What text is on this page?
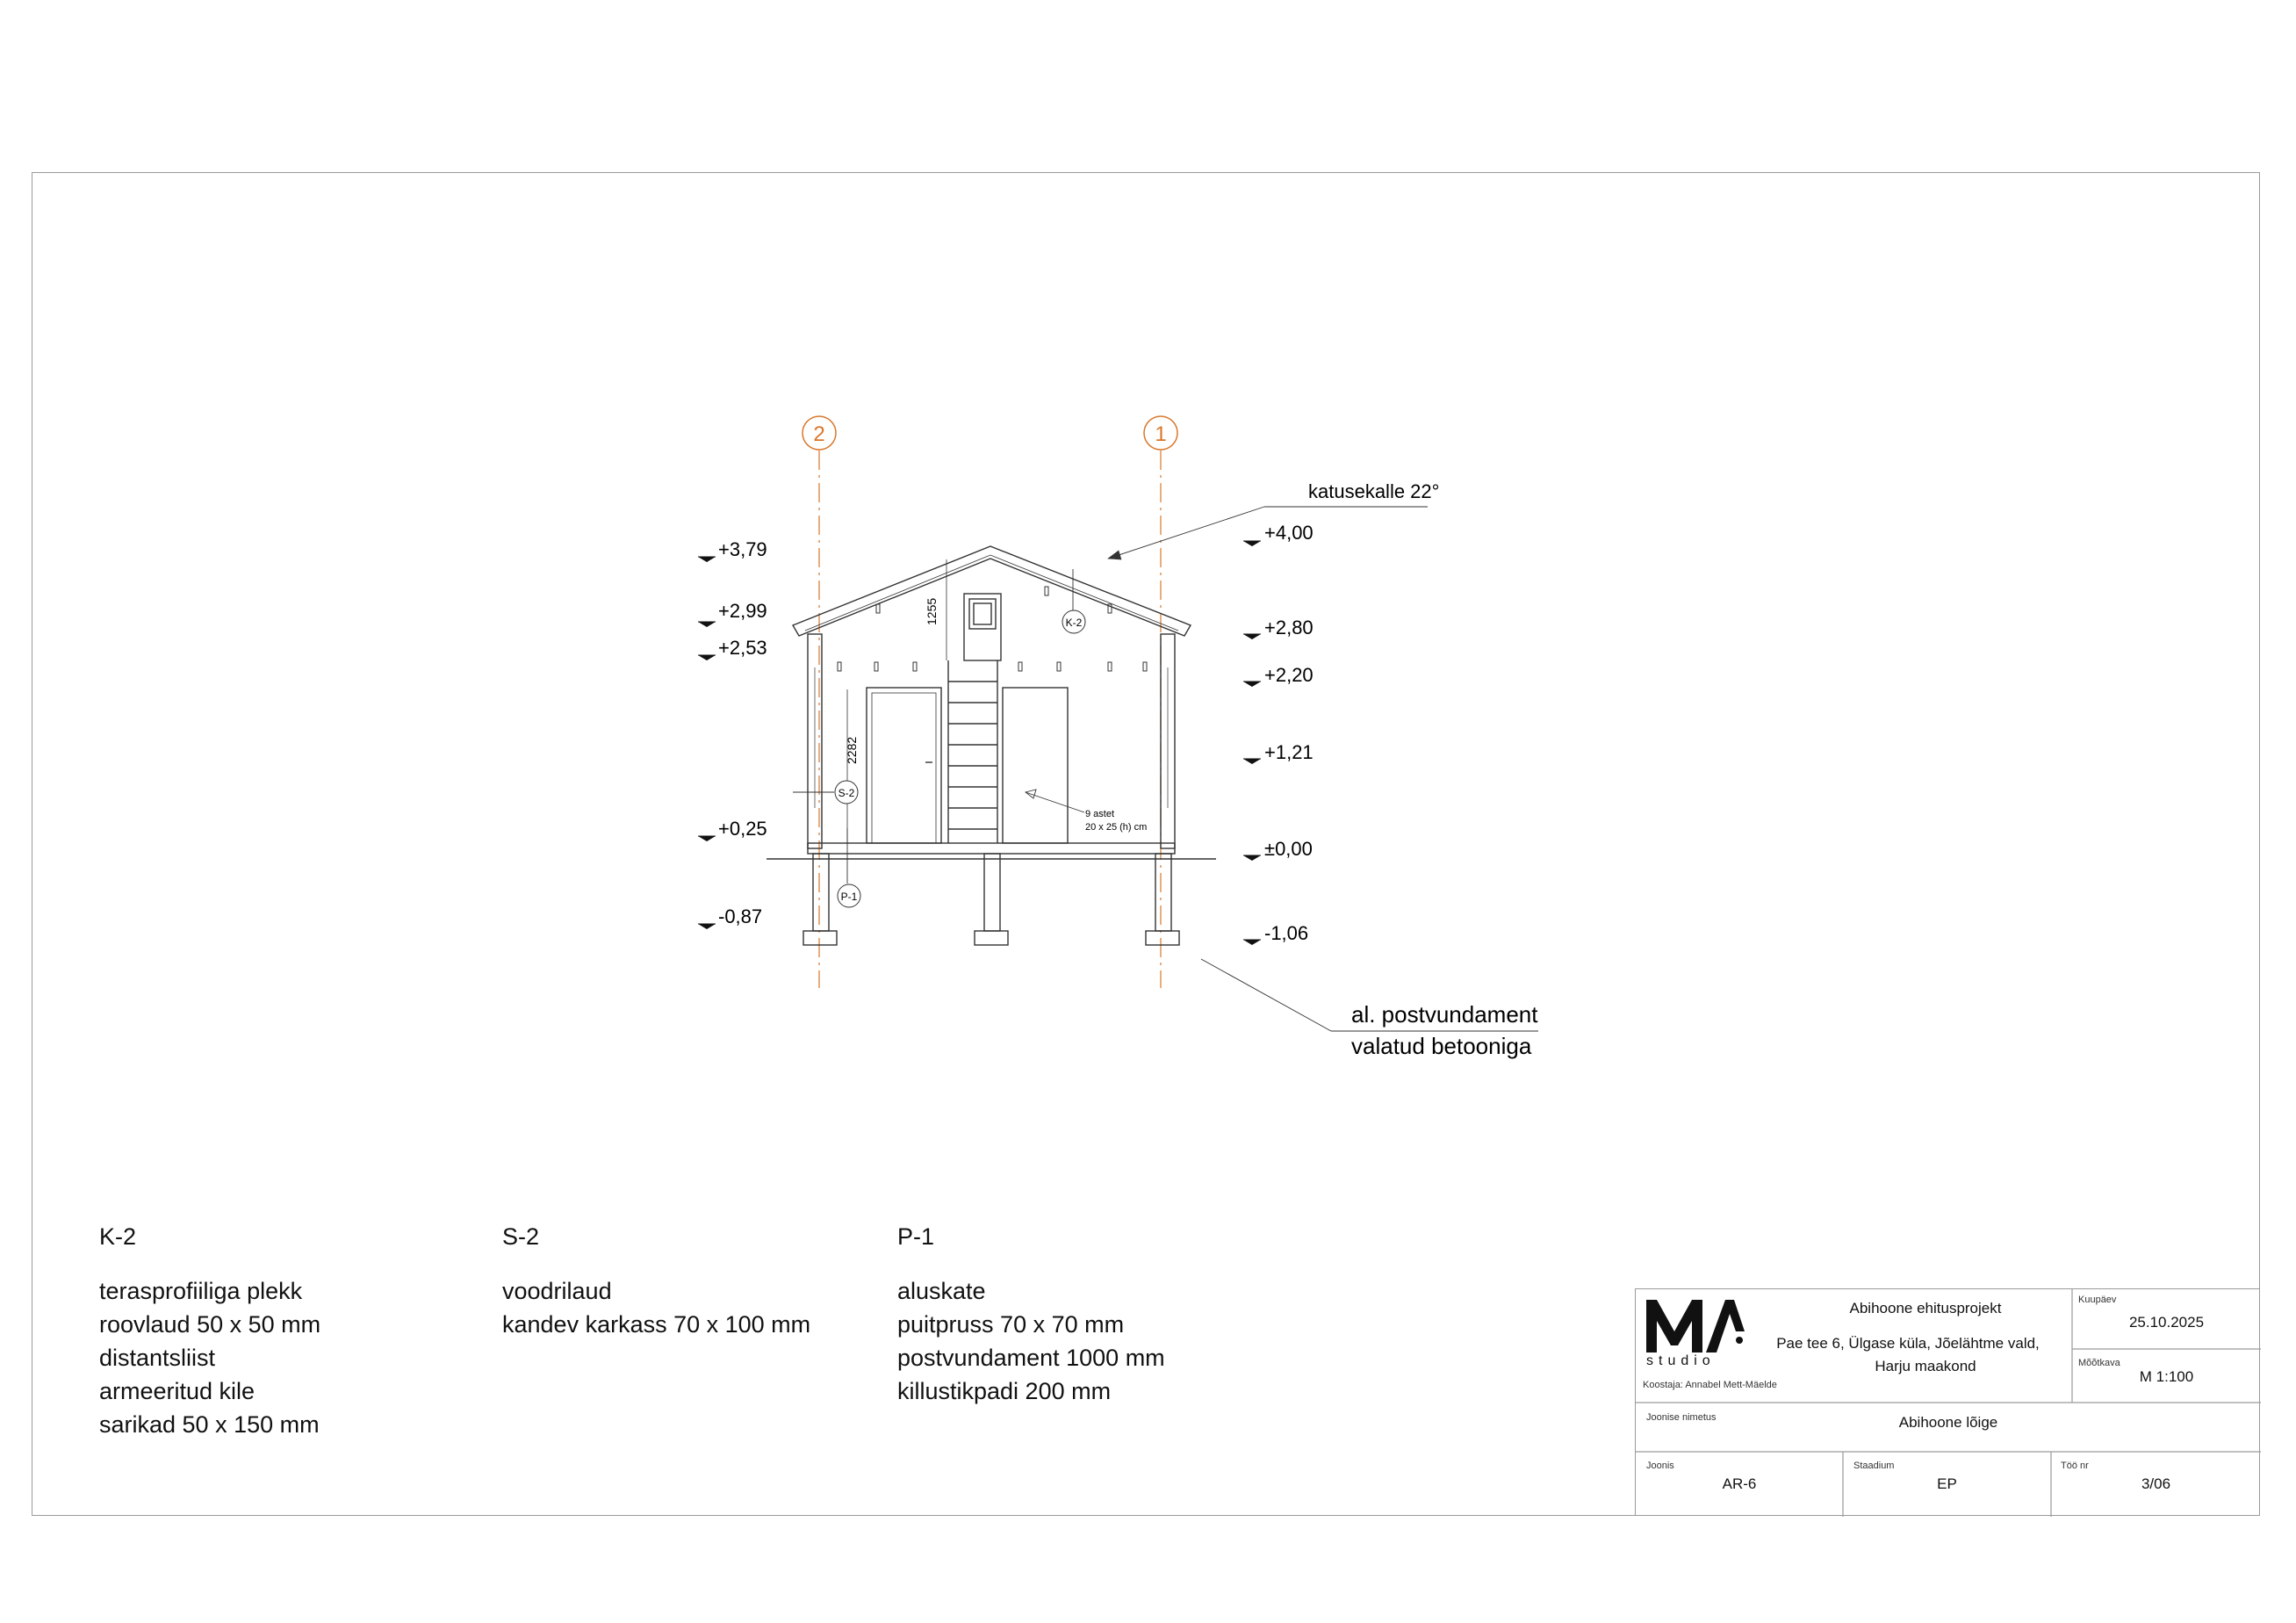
2	1
K-2
S-2
P-1
1255
2282
9 astet
20 x 25 (h) cm
katusekalle 22°
al. postvundament
valatud betooniga
+3,79
+2,99
+2,53
+0,25
-0,87
+4,00
+2,80
+2,20
+1,21
±0,00
-1,06
K-2
terasprofiiliga plekk
roovlaud 50 x 50 mm
distantsliist
armeeritud kile
sarikad 50 x 150 mm
S-2
voodrilaud
kandev karkass 70 x 100 mm
P-1
aluskate
puitpruss 70 x 70 mm
postvundament 1000 mm
killustikpadi 200 mm
studio
Koostaja: Annabel Mett-Mäelde
Abihoone ehitusprojekt
Pae tee 6, Ülgase küla, Jõelähtme vald,
Harju maakond
Kuupäev
25.10.2025
Mõõtkava
M 1:100
Joonise nimetus	Abihoone lõige
Joonis
AR-6
Staadium
EP
Töö nr
3/06
